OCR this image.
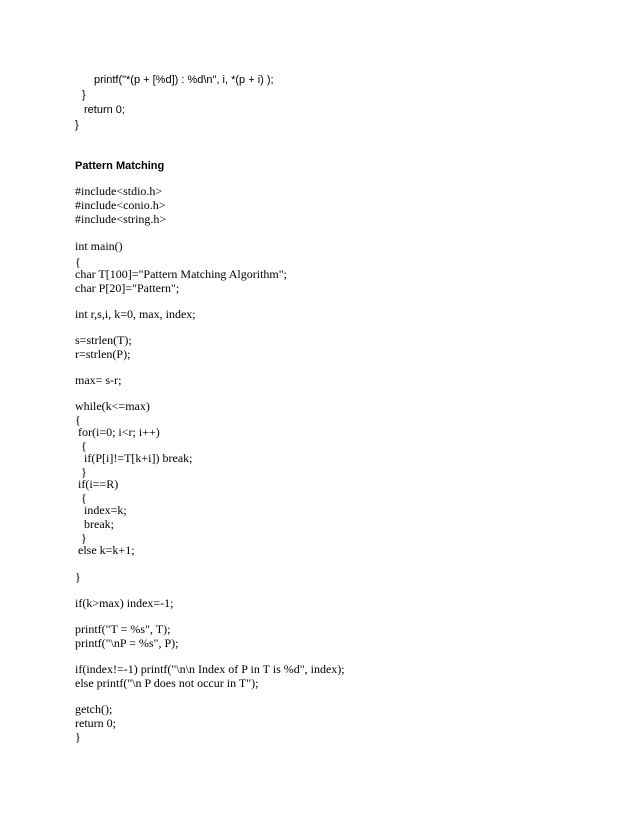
printf("*(p + [%d]) : %d\n", i, *(p + i) );
}
return 0;
}
Pattern Matching
#include<stdio.h>
#include<conio.h>
#include<string.h>
int main()
{
char T[100]="Pattern Matching Algorithm";
char P[20]="Pattern";
int r,s,i, k=0, max, index;
s=strlen(T);
r=strlen(P);
max= s-r;
while(k<=max)
{
for(i=0; i<r; i++)
{
if(P[i]!=T[k+i]) break;
}
if(i==R)
{
index=k;
break;
}
else k=k+1;
}
if(k>max) index=-1;
printf("T = %s", T);
printf("\nP = %s", P);
if(index!=-1) printf("\n\n Index of P in T is %d", index);
else printf("\n P does not occur in T");
getch();
return 0;
}
